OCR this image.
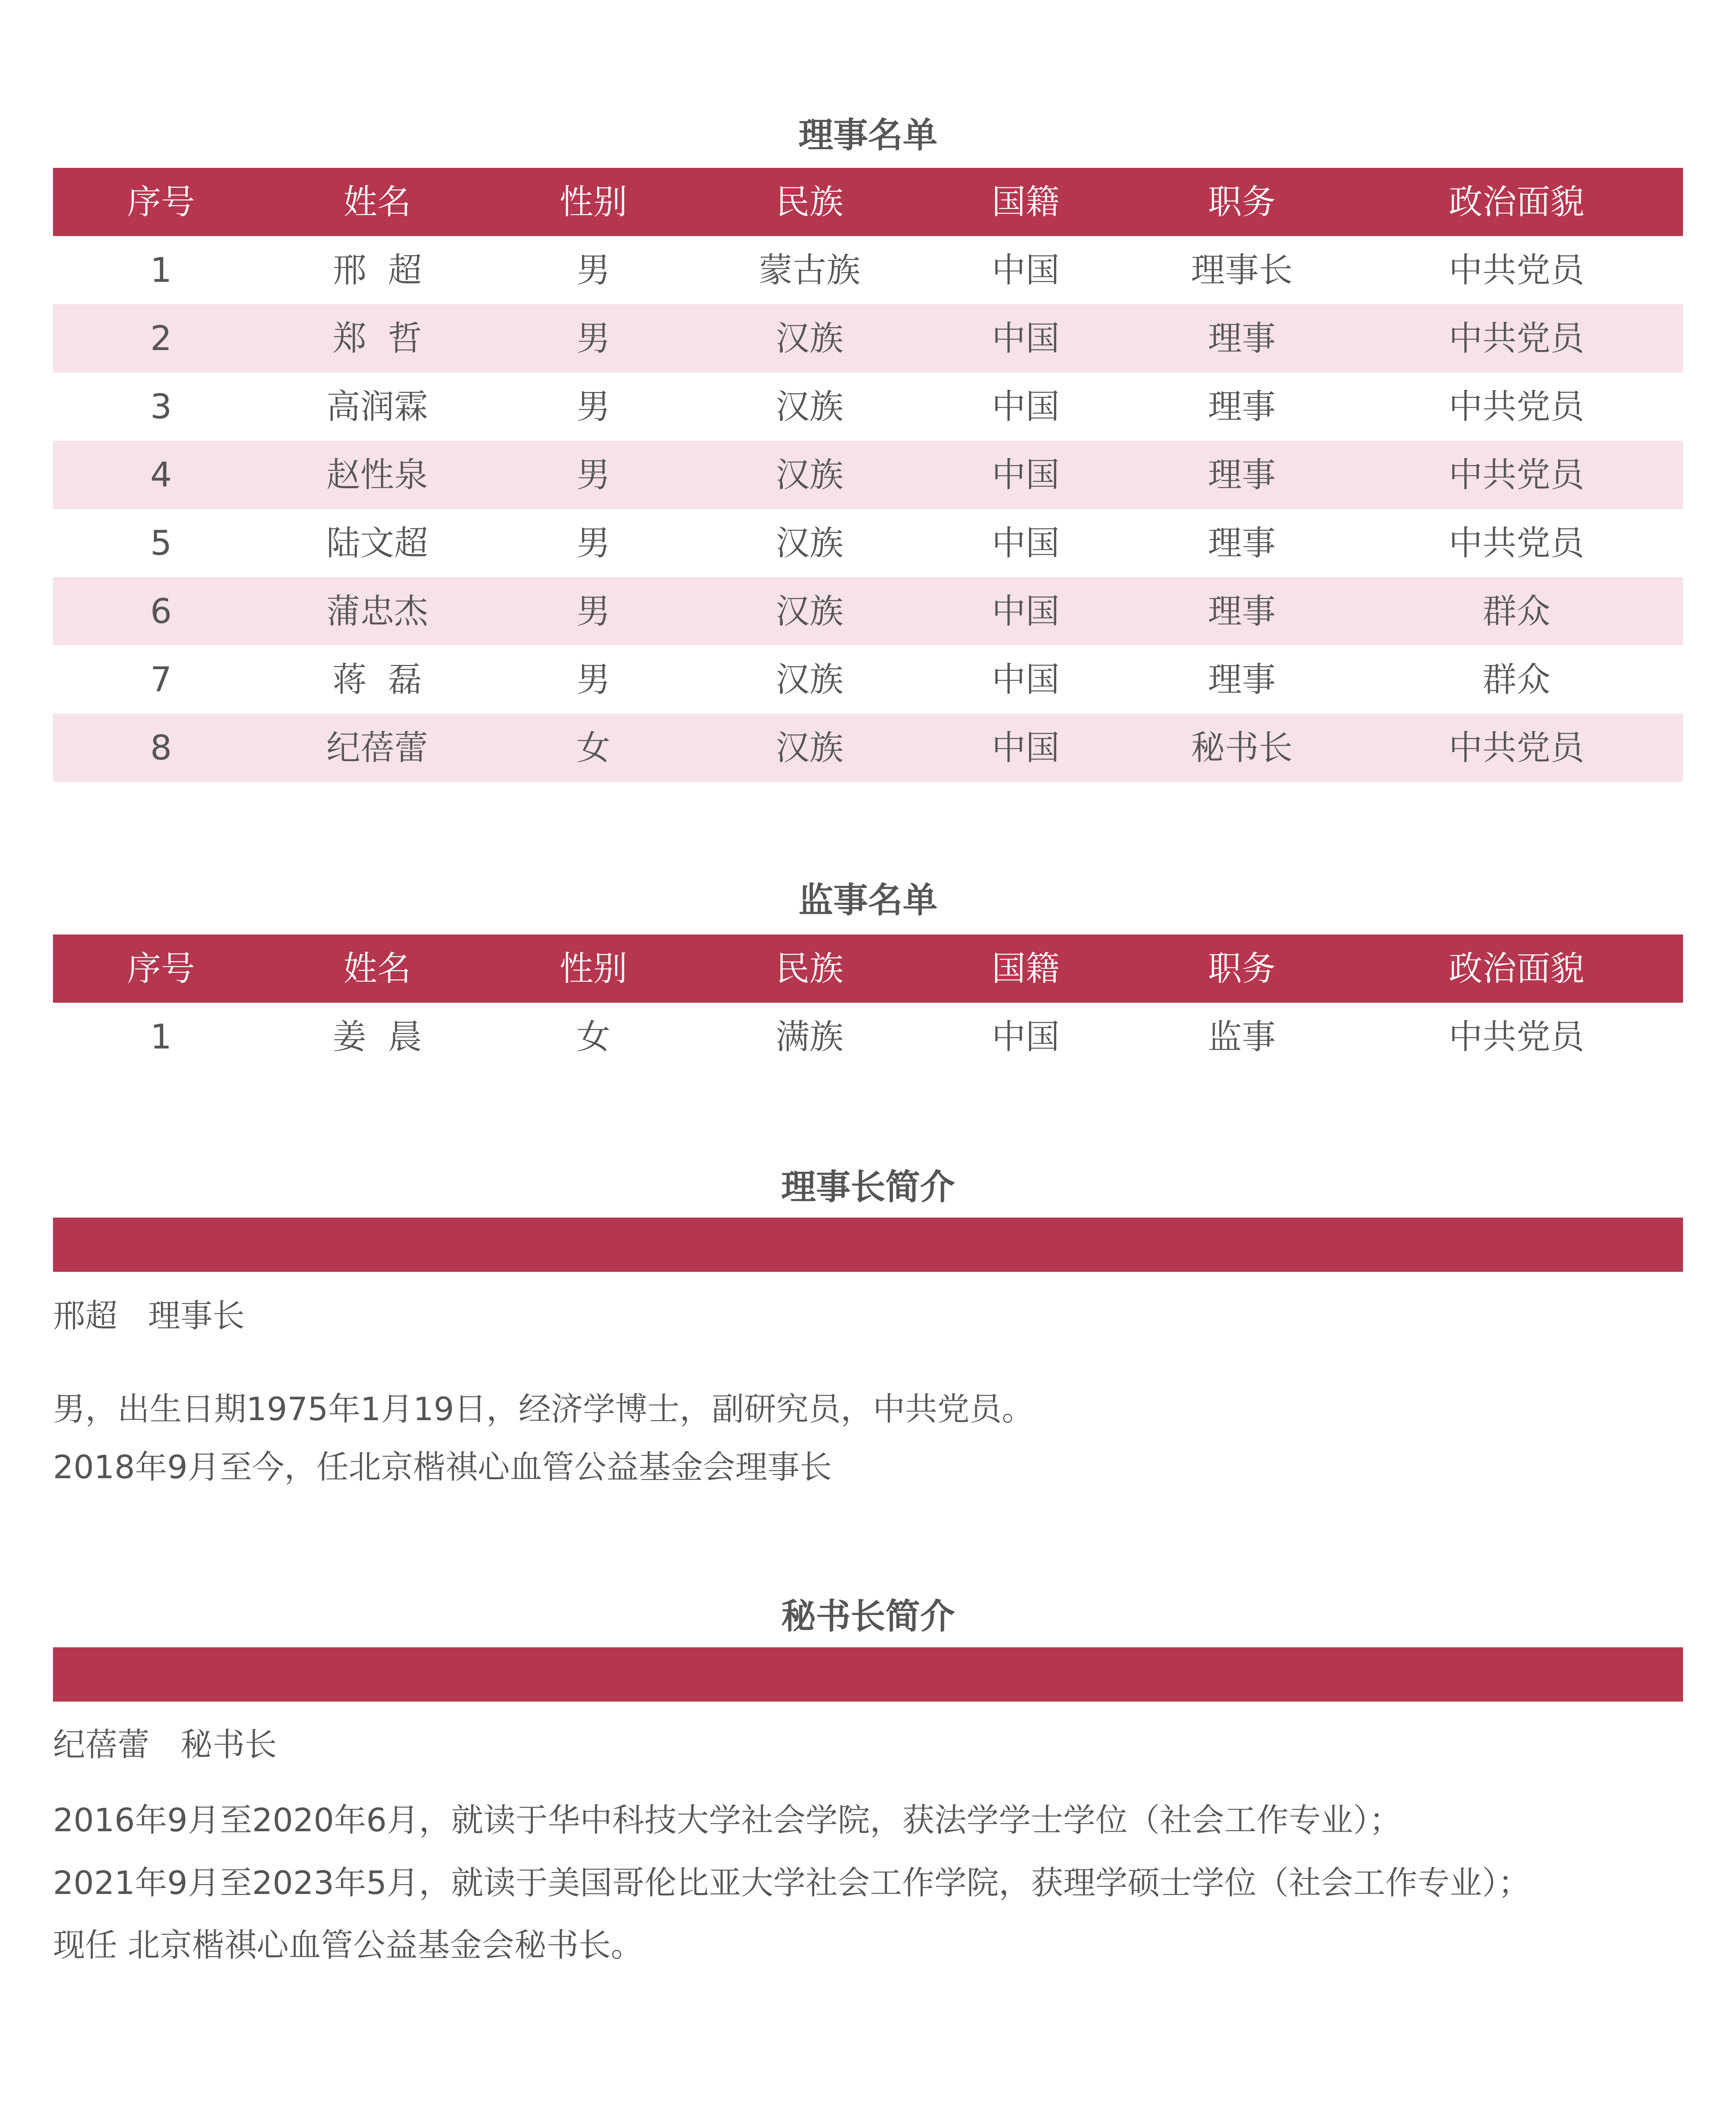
理事名单
序号	姓名	性别	民族	国籍	职务	政治面貌
1	邢  超	男	蒙古族	中国	理事长	中共党员
2	郑  哲	男	汉族	中国	理事	中共党员
3	高润霖	男	汉族	中国	理事	中共党员
4	赵性泉	男	汉族	中国	理事	中共党员
5	陆文超	男	汉族	中国	理事	中共党员
6	蒲忠杰	男	汉族	中国	理事	群众
7	蒋  磊	男	汉族	中国	理事	群众
8	纪蓓蕾	女	汉族	中国	秘书长	中共党员
监事名单
序号	姓名	性别	民族	国籍	职务	政治面貌
1	姜  晨	女	满族	中国	监事	中共党员
理事长简介
邢超   理事长
男，出生日期1975年1月19日，经济学博士，副研究员，中共党员。
2018年9月至今，任北京楷祺心血管公益基金会理事长
秘书长简介
纪蓓蕾   秘书长
2016年9月至2020年6月，就读于华中科技大学社会学院，获法学学士学位（社会工作专业）；
2021年9月至2023年5月，就读于美国哥伦比亚大学社会工作学院，获理学硕士学位（社会工作专业）；
现任 北京楷祺心血管公益基金会秘书长。
